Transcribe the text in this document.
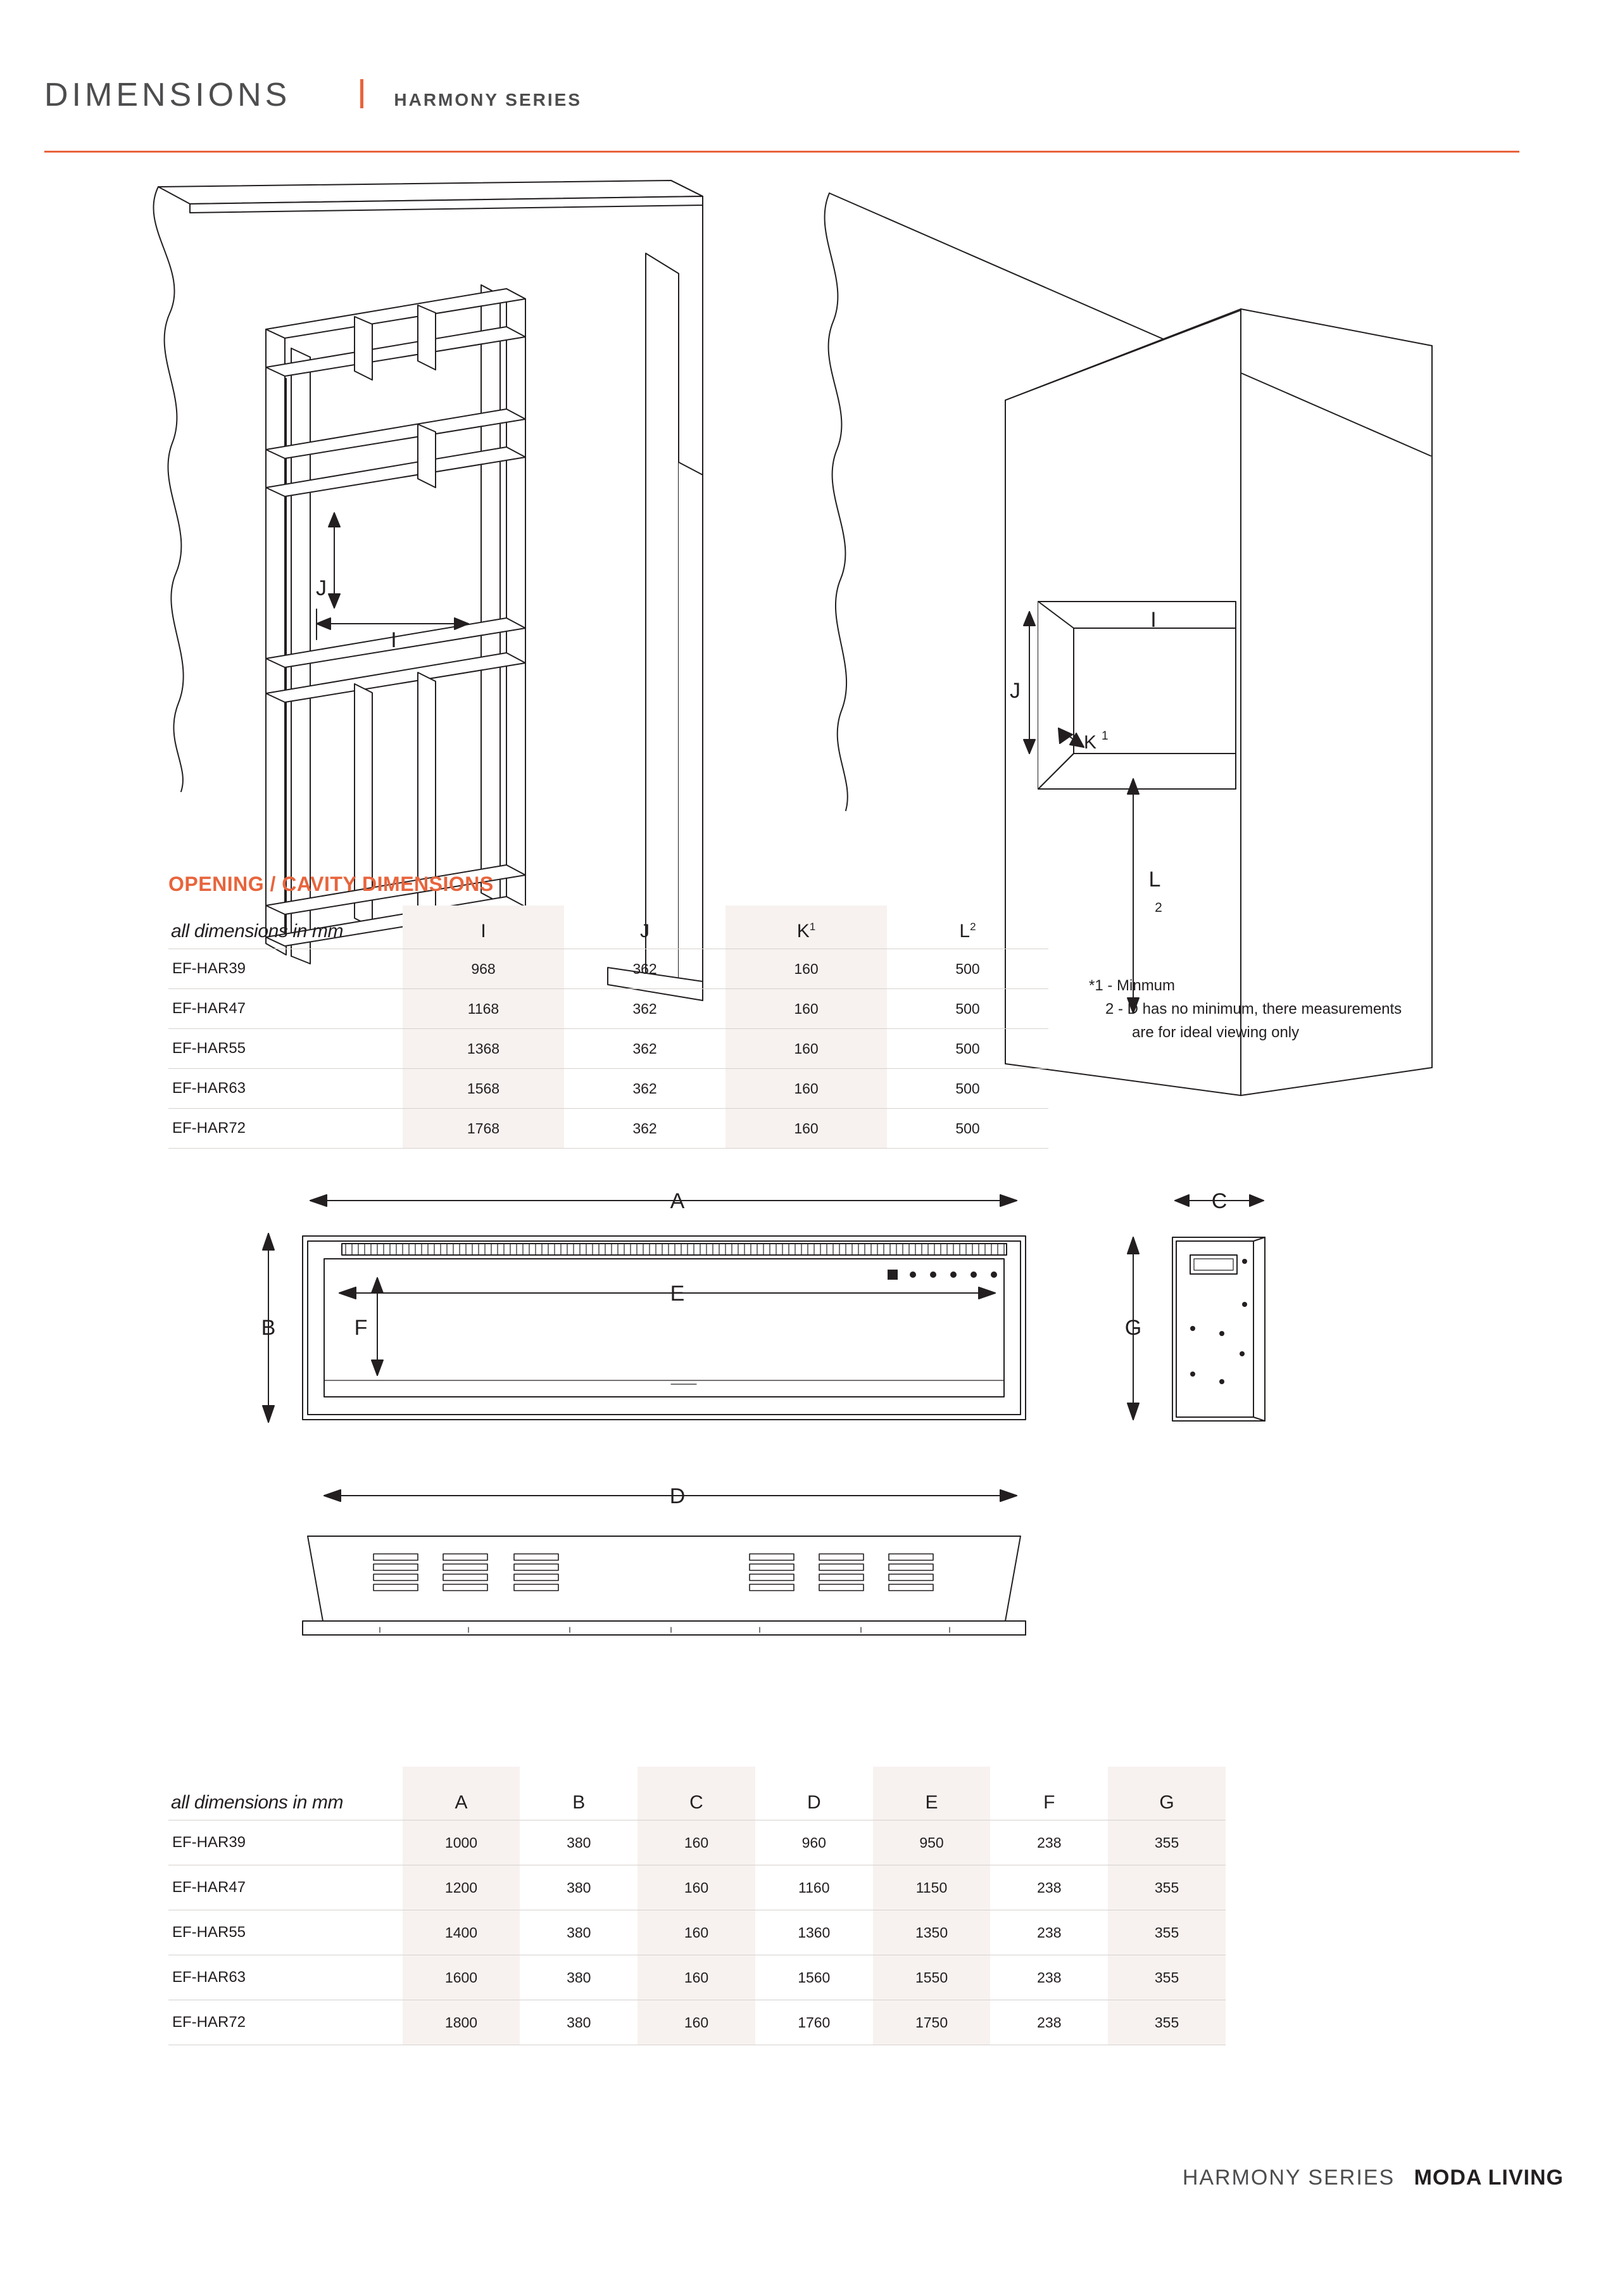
DIMENSIONS	HARMONY SERIES
J
I
I
J
K 1
L
2
OPENING / CAVITY DIMENSIONS
all dimensions in mm	I	J	$K^1$	$L^2$
EF-HAR39	968	362	160	500
EF-HAR47	1168	362	160	500
EF-HAR55	1368	362	160	500
EF-HAR63	1568	362	160	500
EF-HAR72	1768	362	160	500
*1 - Minmum
2 - D has no minimum, there measurements
are for ideal viewing only
A
B
E
F
C
G
D
all dimensions in mm	A	B	C	D	E	F	G
EF-HAR39	1000	380	160	960	950	238	355
EF-HAR47	1200	380	160	1160	1150	238	355
EF-HAR55	1400	380	160	1360	1350	238	355
EF-HAR63	1600	380	160	1560	1550	238	355
EF-HAR72	1800	380	160	1760	1750	238	355
HARMONY SERIES MODA LIVING
